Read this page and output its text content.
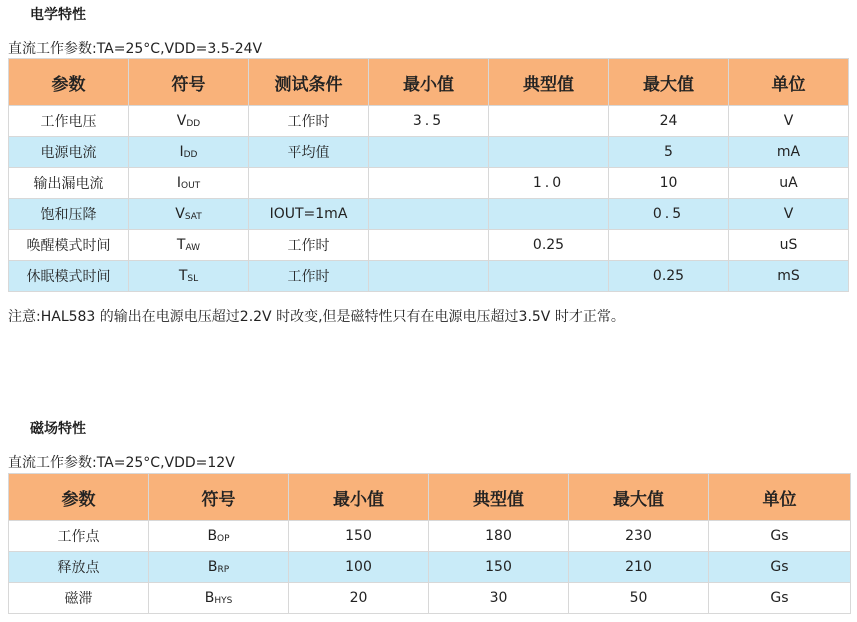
电学特性
直流工作参数:TA=25°C,VDD=3.5-24V
参数	符号	测试条件	最小值	典型值	最大值	单位
工作电压	VDD	工作时	3.5		24	V
电源电流	IDD	平均值			5	mA
输出漏电流	IOUT			1.0	10	uA
饱和压降	VSAT	IOUT=1mA			0.5	V
唤醒模式时间	TAW	工作时		0.25		uS
休眠模式时间	TSL	工作时			0.25	mS
注意:HAL583 的输出在电源电压超过2.2V 时改变,但是磁特性只有在电源电压超过3.5V 时才正常。
磁场特性
直流工作参数:TA=25°C,VDD=12V
参数	符号	最小值	典型值	最大值	单位
工作点	BOP	150	180	230	Gs
释放点	BRP	100	150	210	Gs
磁滞	BHYS	20	30	50	Gs
